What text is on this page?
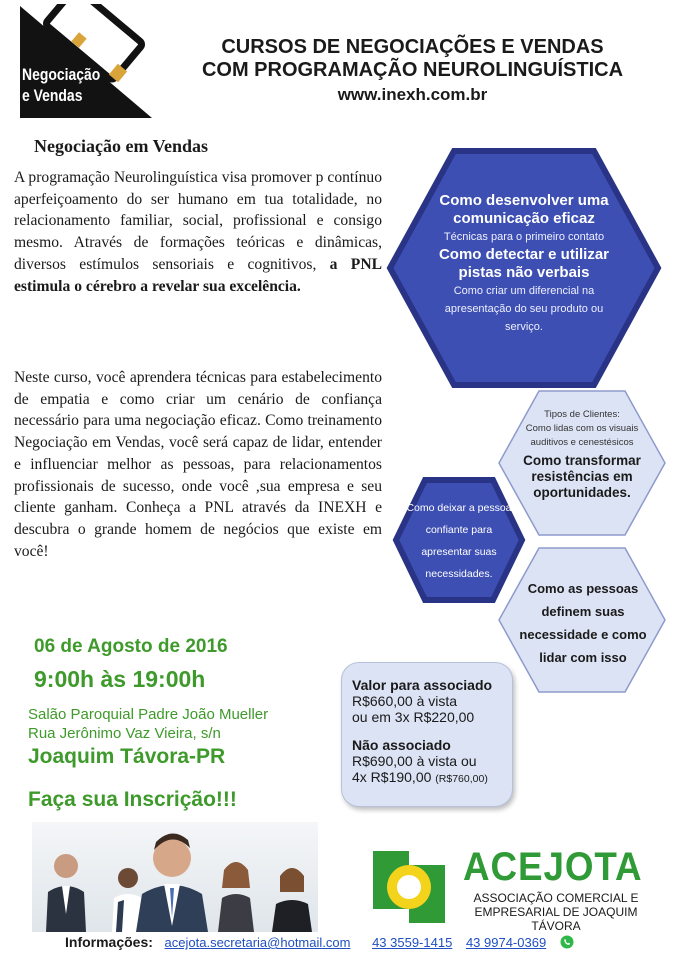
Negociação
e Vendas
CURSOS DE NEGOCIAÇÕES E VENDAS
COM PROGRAMAÇÃO NEUROLINGUÍSTICA
www.inexh.com.br
Negociação em Vendas
A programação Neurolinguística visa promover p contínuo aperfeiçoamento do ser humano em tua totalidade, no relacionamento familiar, social, profissional e consigo mesmo. Através de formações teóricas e dinâmicas, diversos estímulos sensoriais e cognitivos, a PNL estimula o cérebro a revelar sua excelência.
Neste curso, você aprendera técnicas para estabelecimento de empatia e como criar um cenário de confiança necessário para uma negociação eficaz. Como treinamento Negociação em Vendas, você será capaz de lidar, entender e influenciar melhor as pessoas, para relacionamentos profissionais de sucesso, onde você ,sua empresa e seu cliente ganham. Conheça a PNL através da INEXH e descubra o grande homem de negócios que existe em você!
06 de Agosto de 2016
9:00h às 19:00h
Salão Paroquial Padre João Mueller
Rua Jerônimo Vaz Vieira, s/n
Joaquim Távora-PR
Faça sua Inscrição!!!
Como desenvolver uma comunicação eficaz
Técnicas para o primeiro contato
Como detectar e utilizar pistas não verbais
Como criar um diferencial na apresentação do seu produto ou serviço.
Tipos de Clientes:
Como lidas com os visuais auditivos e cenestésicos
Como transformar resistências em oportunidades.
Como deixar a pessoa confiante para apresentar suas necessidades.
Como as pessoas definem suas necessidade e como lidar com isso
Valor para associado
R$660,00 à vista
ou em 3x R$220,00
Não associado
R$690,00 à vista ou
4x R$190,00 (R$760,00)
ACEJOTA
ASSOCIAÇÃO COMERCIAL E
EMPRESARIAL DE JOAQUIM TÁVORA
Informações: acejota.secretaria@hotmail.com 43 3559-1415 43 9974-0369
